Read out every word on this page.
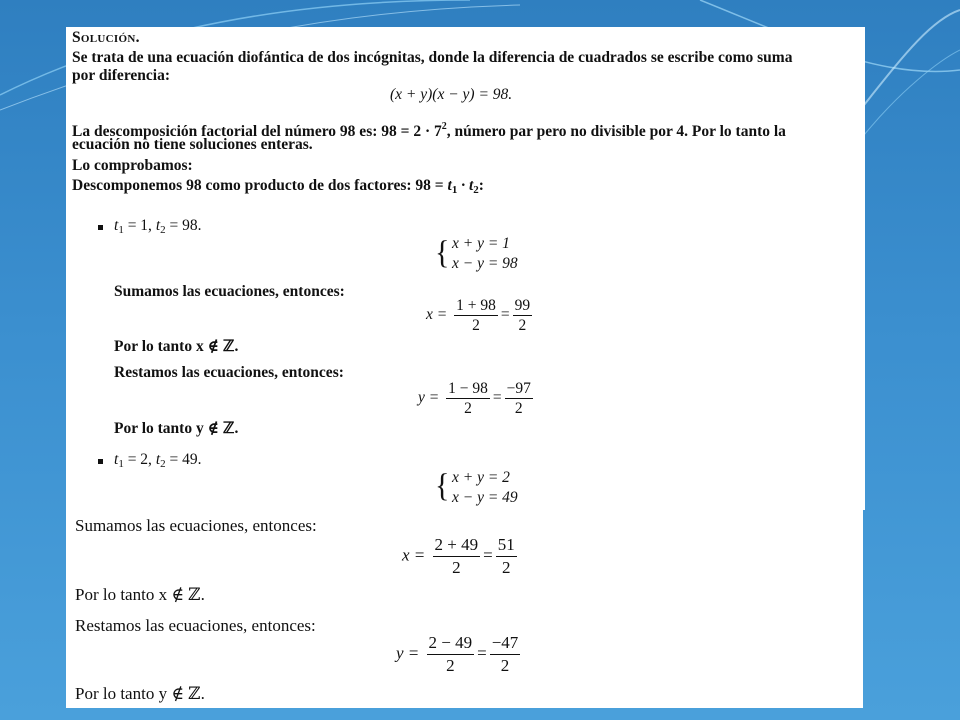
Solución.
Se trata de una ecuación diofántica de dos incógnitas, donde la diferencia de cuadrados se escribe como suma
por diferencia:
(x + y)(x − y) = 98.
La descomposición factorial del número 98 es: $98 = 2 \cdot 7^2$, número par pero no divisible por 4. Por lo tanto la
ecuación no tiene soluciones enteras.
Lo comprobamos:
Descomponemos 98 como producto de dos factores: $98 = t_1 \cdot t_2$:
$t_1 = 1$, $t_2 = 98$.
{ x + y = 1
x − y = 98
Sumamos las ecuaciones, entonces:
$x = \frac{1 + 98}{2} = \frac{99}{2}$
Por lo tanto x ∉ ℤ.
Restamos las ecuaciones, entonces:
$y = \frac{1 - 98}{2} = \frac{-97}{2}$
Por lo tanto y ∉ ℤ.
$t_1 = 2$, $t_2 = 49$.
{ x + y = 2
x − y = 49
Sumamos las ecuaciones, entonces:
$x = \frac{2 + 49}{2} = \frac{51}{2}$
Por lo tanto x ∉ ℤ.
Restamos las ecuaciones, entonces:
$y = \frac{2 - 49}{2} = \frac{-47}{2}$
Por lo tanto y ∉ ℤ.
